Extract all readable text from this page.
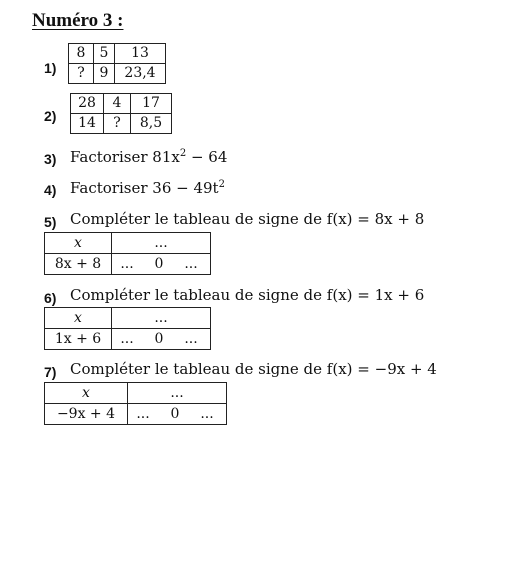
Numéro 3 :
1)
8	5	13
?	9	23,4
2)
28	4	17
14	?	8,5
3) Factoriser $81x^2 - 64$
4) Factoriser $36 - 49t^2$
5) Compléter le tableau de signe de f(x) = 8x + 8
x	...
8x + 8	... 0 ...
6) Compléter le tableau de signe de f(x) = 1x + 6
x	...
1x + 6	... 0 ...
7) Compléter le tableau de signe de f(x) = −9x + 4
x	...
−9x + 4	... 0 ...
